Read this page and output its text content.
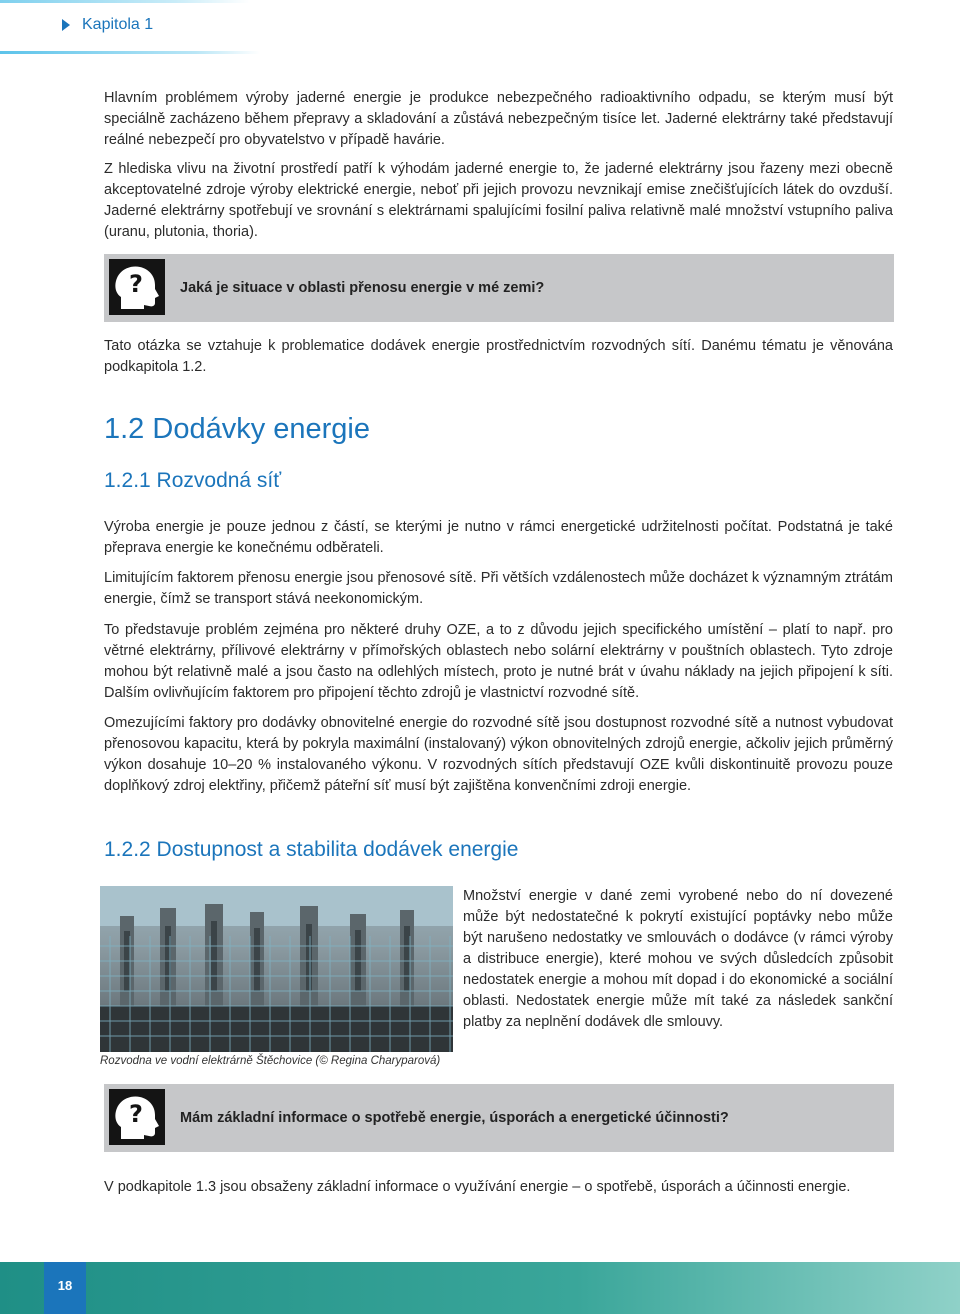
Kapitola 1

Hlavním problémem výroby jaderné energie je produkce nebezpečného radioaktivního odpadu, se kterým musí být speciálně zacházeno během přepravy a skladování a zůstává nebezpečným tisíce let. Jaderné elektrárny také představují reálné nebezpečí pro obyvatelstvo v případě havárie.

Z hlediska vlivu na životní prostředí patří k výhodám jaderné energie to, že jaderné elektrárny jsou řazeny mezi obecně akceptovatelné zdroje výroby elektrické energie, neboť při jejich provozu nevznikají emise znečišťujících látek do ovzduší. Jaderné elektrárny spotřebují ve srovnání s elektrárnami spalujícími fosilní paliva relativně malé množství vstupního paliva (uranu, plutonia, thoria).

?	Jaká je situace v oblasti přenosu energie v mé zemi?

Tato otázka se vztahuje k problematice dodávek energie prostřednictvím rozvodných sítí. Danému tématu je věnována podkapitola 1.2.

1.2 Dodávky energie
1.2.1 Rozvodná síť

Výroba energie je pouze jednou z částí, se kterými je nutno v rámci energetické udržitelnosti počítat. Podstatná je také přeprava energie ke konečnému odběrateli.

Limitujícím faktorem přenosu energie jsou přenosové sítě. Při větších vzdálenostech může docházet k významným ztrátám energie, čímž se transport stává neekonomickým.

To představuje problém zejména pro některé druhy OZE, a to z důvodu jejich specifického umístění – platí to např. pro větrné elektrárny, přílivové elektrárny v přímořských oblastech nebo solární elektrárny v pouštních oblastech. Tyto zdroje mohou být relativně malé a jsou často na odlehlých místech, proto je nutné brát v úvahu náklady na jejich připojení k síti. Dalším ovlivňujícím faktorem pro připojení těchto zdrojů je vlastnictví rozvodné sítě.

Omezujícími faktory pro dodávky obnovitelné energie do rozvodné sítě jsou dostupnost rozvodné sítě a nutnost vybudovat přenosovou kapacitu, která by pokryla maximální (instalovaný) výkon obnovitelných zdrojů energie, ačkoliv jejich průměrný výkon dosahuje 10–20 % instalovaného výkonu. V rozvodných sítích představují OZE kvůli diskontinuitě provozu pouze doplňkový zdroj elektřiny, přičemž páteřní síť musí být zajištěna konvenčními zdroji energie.

1.2.2 Dostupnost a stabilita dodávek energie
Rozvodna ve vodní elektrárně Štěchovice (© Regina Charyparová)

Množství energie v dané zemi vyrobené nebo do ní dovezené může být nedostatečné k pokrytí existující poptávky nebo může být narušeno nedostatky ve smlouvách o dodávce (v rámci výroby a distribuce energie), které mohou ve svých důsledcích způsobit nedostatek energie a mohou mít dopad i do ekonomické a sociální oblasti. Nedostatek energie může mít také za následek sankční platby za neplnění dodávek dle smlouvy.

?	Mám základní informace o spotřebě energie, úsporách a energetické účinnosti?

V podkapitole 1.3 jsou obsaženy základní informace o využívání energie – o spotřebě, úsporách a účinnosti energie.

18
